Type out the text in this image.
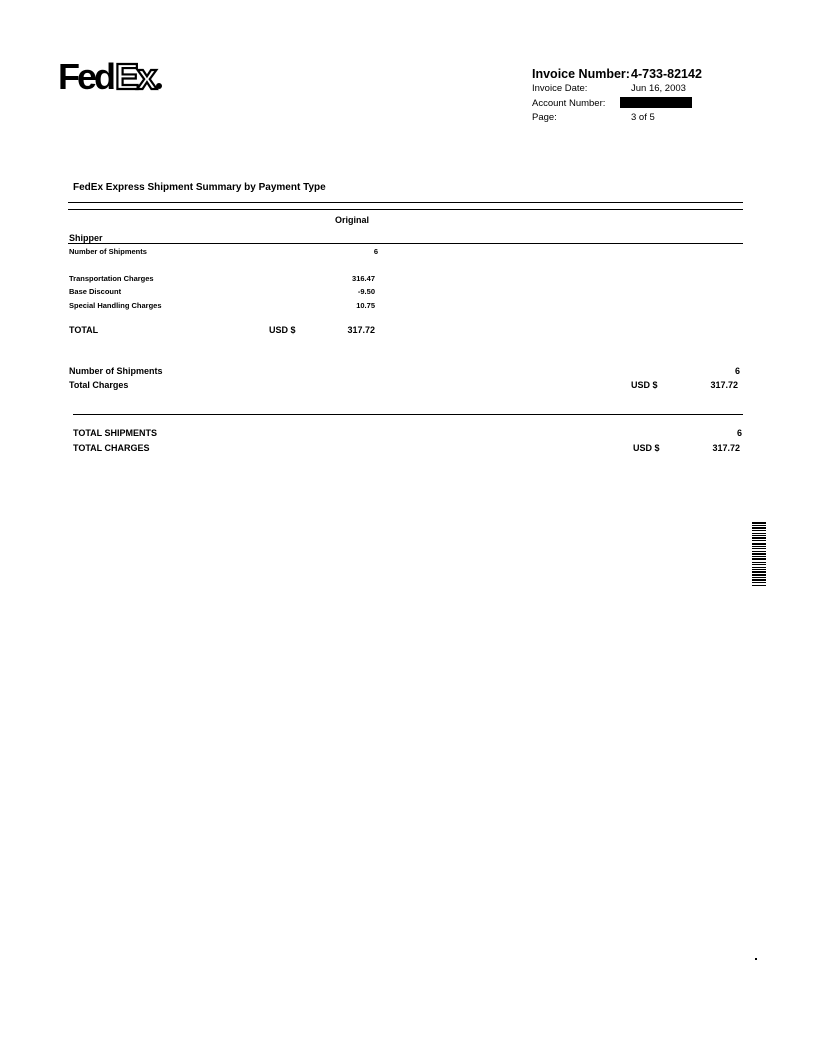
Fed Ex	Invoice Number: 4-733-82142
Invoice Date:	Jun 16, 2003
Account Number:
Page:	3 of 5
FedEx Express Shipment Summary by Payment Type
Original
Shipper
Number of Shipments	6
Transportation Charges	316.47
Base Discount	-9.50
Special Handling Charges	10.75
TOTAL	USD $	317.72
Number of Shipments	6
Total Charges	USD $	317.72
TOTAL SHIPMENTS	6
TOTAL CHARGES	USD $	317.72
